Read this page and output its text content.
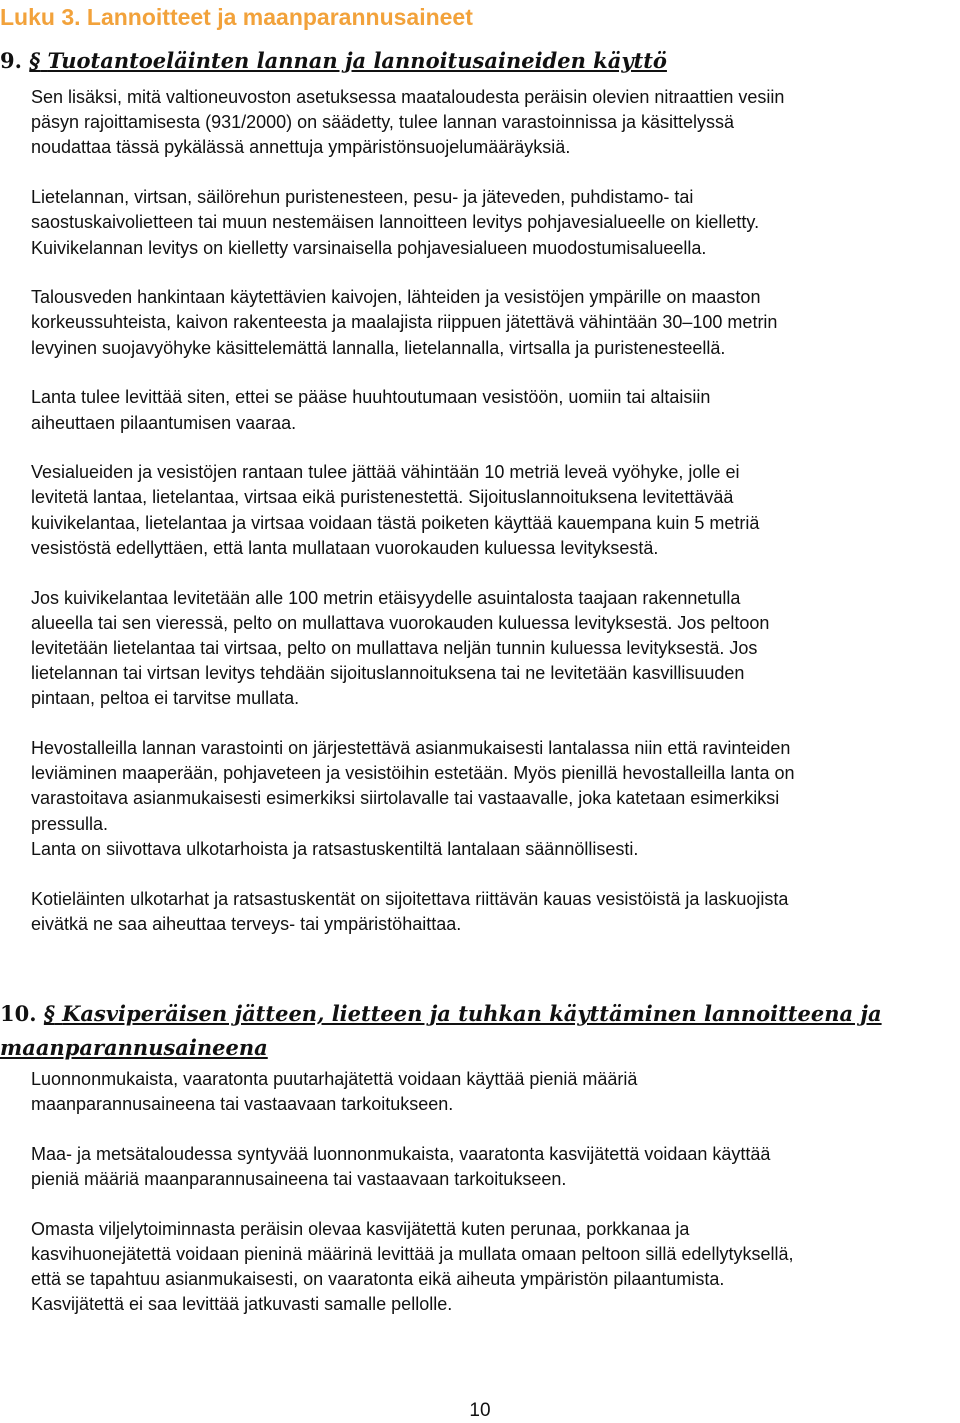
Luku 3. Lannoitteet ja maanparannusaineet
9. § Tuotantoeläinten lannan ja lannoitusaineiden käyttö

Sen lisäksi, mitä valtioneuvoston asetuksessa maataloudesta peräisin olevien nitraattien vesiin
päsyn rajoittamisesta (931/2000) on säädetty, tulee lannan varastoinnissa ja käsittelyssä
noudattaa tässä pykälässä annettuja ympäristönsuojelumääräyksiä.

Lietelannan, virtsan, säilörehun puristenesteen, pesu- ja jäteveden, puhdistamo- tai
saostuskaivolietteen tai muun nestemäisen lannoitteen levitys pohjavesialueelle on kielletty.
Kuivikelannan levitys on kielletty varsinaisella pohjavesialueen muodostumisalueella.

Talousveden hankintaan käytettävien kaivojen, lähteiden ja vesistöjen ympärille on maaston
korkeussuhteista, kaivon rakenteesta ja maalajista riippuen jätettävä vähintään 30–100 metrin
levyinen suojavyöhyke käsittelemättä lannalla, lietelannalla, virtsalla ja puristenesteellä.

Lanta tulee levittää siten, ettei se pääse huuhtoutumaan vesistöön, uomiin tai altaisiin
aiheuttaen pilaantumisen vaaraa.

Vesialueiden ja vesistöjen rantaan tulee jättää vähintään 10 metriä leveä vyöhyke, jolle ei
levitetä lantaa, lietelantaa, virtsaa eikä puristenestettä. Sijoituslannoituksena levitettävää
kuivikelantaa, lietelantaa ja virtsaa voidaan tästä poiketen käyttää kauempana kuin 5 metriä
vesistöstä edellyttäen, että lanta mullataan vuorokauden kuluessa levityksestä.

Jos kuivikelantaa levitetään alle 100 metrin etäisyydelle asuintalosta taajaan rakennetulla
alueella tai sen vieressä, pelto on mullattava vuorokauden kuluessa levityksestä. Jos peltoon
levitetään lietelantaa tai virtsaa, pelto on mullattava neljän tunnin kuluessa levityksestä. Jos
lietelannan tai virtsan levitys tehdään sijoituslannoituksena tai ne levitetään kasvillisuuden
pintaan, peltoa ei tarvitse mullata.

Hevostalleilla lannan varastointi on järjestettävä asianmukaisesti lantalassa niin että ravinteiden
leviäminen maaperään, pohjaveteen ja vesistöihin estetään. Myös pienillä hevostalleilla lanta on
varastoitava asianmukaisesti esimerkiksi siirtolavalle tai vastaavalle, joka katetaan esimerkiksi
pressulla.

Lanta on siivottava ulkotarhoista ja ratsastuskentiltä lantalaan säännöllisesti.

Kotieläinten ulkotarhat ja ratsastuskentät on sijoitettava riittävän kauas vesistöistä ja laskuojista
eivätkä ne saa aiheuttaa terveys- tai ympäristöhaittaa.

10. § Kasviperäisen jätteen, lietteen ja tuhkan käyttäminen lannoitteena ja maanparannusaineena

Luonnonmukaista, vaaratonta puutarhajätettä voidaan käyttää pieniä määriä
maanparannusaineena tai vastaavaan tarkoitukseen.

Maa- ja metsätaloudessa syntyvää luonnonmukaista, vaaratonta kasvijätettä voidaan käyttää
pieniä määriä maanparannusaineena tai vastaavaan tarkoitukseen.

Omasta viljelytoiminnasta peräisin olevaa kasvijätettä kuten perunaa, porkkanaa ja
kasvihuonejätettä voidaan pieninä määrinä levittää ja mullata omaan peltoon sillä edellytyksellä,
että se tapahtuu asianmukaisesti, on vaaratonta eikä aiheuta ympäristön pilaantumista.
Kasvijätettä ei saa levittää jatkuvasti samalle pellolle.

10
